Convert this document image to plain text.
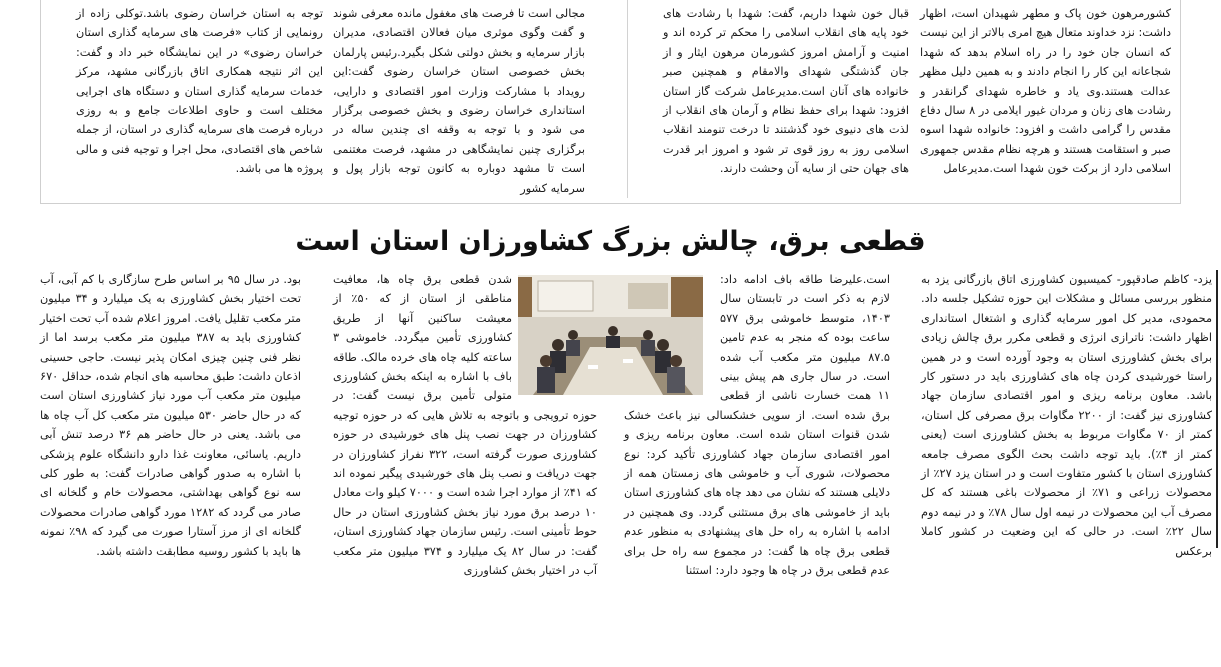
کشورمرهون خون پاک و مطهر شهیدان است، اظهار داشت: نزد خداوند متعال هیچ امری بالاتر از این نیست که انسان جان خود را در راه اسلام بدهد که شهدا شجاعانه این کار را انجام دادند و به همین دلیل مظهر عدالت هستند.وی یاد و خاطره شهدای گرانقدر و رشادت های زنان و مردان غیور ایلامی در ۸ سال دفاع مقدس را گرامی داشت و افزود: خانواده شهدا اسوه صبر و استقامت هستند و هرچه نظام مقدس جمهوری اسلامی دارد از برکت خون شهدا است.مدیرعامل

قبال خون شهدا داریم، گفت: شهدا با رشادت های خود پایه های انقلاب اسلامی را محکم تر کرده اند و امنیت و آرامش امروز کشورمان مرهون ایثار و از جان گذشتگی شهدای والامقام و همچنین صبر خانواده های آنان است.مدیرعامل شرکت گاز استان افزود: شهدا برای حفظ نظام و آرمان های انقلاب از لذت های دنیوی خود گذشتند تا درخت تنومند انقلاب اسلامی روز به روز قوی تر شود و امروز ابر قدرت های جهان حتی از سایه آن وحشت دارند.

مجالی است تا فرصت های مغفول مانده معرفی شوند و گفت وگوی موثری میان فعالان اقتصادی، مدیران بازار سرمایه و بخش دولتی شکل بگیرد.رئیس پارلمان بخش خصوصی استان خراسان رضوی گفت:این رویداد با مشارکت وزارت امور اقتصادی و دارایی، استانداری خراسان رضوی و بخش خصوصی برگزار می شود و با توجه به وقفه ای چندین ساله در برگزاری چنین نمایشگاهی در مشهد، فرصت مغتنمی است تا مشهد دوباره به کانون توجه بازار پول و سرمایه کشور

توجه به استان خراسان رضوی باشد.توکلی زاده از رونمایی از کتاب «فرصت های سرمایه گذاری استان خراسان رضوی» در این نمایشگاه خبر داد و گفت: این اثر نتیجه همکاری اتاق بازرگانی مشهد، مرکز خدمات سرمایه گذاری استان و دستگاه های اجرایی مختلف است و حاوی اطلاعات جامع و به روزی درباره فرصت های سرمایه گذاری در استان، از جمله شاخص های اقتصادی، محل اجرا و توجیه فنی و مالی پروژه ها می باشد.

قطعی برق، چالش بزرگ کشاورزان استان است

یزد- کاظم صادقپور- کمیسیون کشاورزی اتاق بازرگانی یزد به منظور بررسی مسائل و مشکلات این حوزه تشکیل جلسه داد. محمودی، مدیر کل امور سرمایه گذاری و اشتغال استانداری اظهار داشت: ناترازی انرژی و قطعی مکرر برق چالش زیادی برای بخش کشاورزی استان به وجود آورده است و در همین راستا خورشیدی کردن چاه های کشاورزی باید در دستور کار باشد. معاون برنامه ریزی و امور اقتصادی سازمان جهاد کشاورزی نیز گفت: از ۲۲۰۰ مگاوات برق مصرفی کل استان، کمتر از ۷۰ مگاوات مربوط به بخش کشاورزی است (یعنی کمتر از ۴٪). باید توجه داشت بحث الگوی مصرف جامعه کشاورزی استان با کشور متفاوت است و در استان یزد ۲۷٪ از محصولات زراعی و ۷۱٪ از محصولات باغی هستند که کل مصرف آب این محصولات در نیمه اول سال ۷۸٪ و در نیمه دوم سال ۲۲٪ است. در حالی که این وضعیت در کشور کاملا برعکس

است.علیرضا طاقه باف ادامه داد: لازم به ذکر است در تابستان سال ۱۴۰۳، متوسط خاموشی برق ۵۷۷ ساعت بوده که منجر به عدم تامین ۸۷.۵ میلیون متر مکعب آب شده است. در سال جاری هم پیش بینی ۱۱ همت خسارت ناشی از قطعی برق شده است. از سویی خشکسالی نیز باعث خشک شدن قنوات استان شده است. معاون برنامه ریزی و امور اقتصادی سازمان جهاد کشاورزی تأکید کرد: نوع محصولات، شوری آب و خاموشی های زمستان همه از دلایلی هستند که نشان می دهد چاه های کشاورزی استان باید از خاموشی های برق مستثنی گردد. وی همچنین در ادامه با اشاره به راه حل های پیشنهادی به منظور عدم قطعی برق چاه ها گفت: در مجموع سه راه حل برای عدم قطعی برق در چاه ها وجود دارد: استثنا

شدن قطعی برق چاه ها، معافیت مناطقی از استان از که ۵۰٪ از معیشت ساکنین آنها از طریق کشاورزی تأمین میگردد. خاموشی ۳ ساعته کلیه چاه های خرده مالک. طاقه باف با اشاره به اینکه بخش کشاورزی متولی تأمین برق نیست گفت: در حوزه ترویجی و باتوجه به تلاش هایی که در حوزه توجیه کشاورزان در جهت نصب پنل های خورشیدی در حوزه کشاورزی صورت گرفته است، ۳۲۲ نفراز کشاورزان در جهت دریافت و نصب پنل های خورشیدی پیگیر نموده اند که ۴۱٪ از موارد اجرا شده است و ۷۰۰۰ کیلو وات معادل ۱۰ درصد برق مورد نیاز بخش کشاورزی استان در حال حوط تأمینی است. رئیس سازمان جهاد کشاورزی استان، گفت: در سال ۸۲ یک میلیارد و ۳۷۴ میلیون متر مکعب آب در اختیار بخش کشاورزی

بود. در سال ۹۵ بر اساس طرح سازگاری با کم آبی، آب تحت اختیار بخش کشاورزی به یک میلیارد و ۳۴ میلیون متر مکعب تقلیل یافت. امروز اعلام شده آب تحت اختیار کشاورزی باید به ۳۸۷ میلیون متر مکعب برسد اما از نظر فنی چنین چیزی امکان پذیر نیست. حاجی حسینی اذعان داشت: طبق محاسبه های انجام شده، حداقل ۶۷۰ میلیون متر مکعب آب مورد نیاز کشاورزی استان است که در حال حاضر ۵۳۰ میلیون متر مکعب کل آب چاه ها می باشد. یعنی در حال حاضر هم ۳۶ درصد تنش آبی داریم. یاسائی، معاونت غذا دارو دانشگاه علوم پزشکی با اشاره به صدور گواهی صادرات گفت: به طور کلی سه نوع گواهی بهداشتی، محصولات خام و گلخانه ای صادر می گردد که ۱۲۸۲ مورد گواهی صادرات محصولات گلخانه ای از مرز آستارا صورت می گیرد که ۹۸٪ نمونه ها باید با کشور روسیه مطابقت داشته باشد.
